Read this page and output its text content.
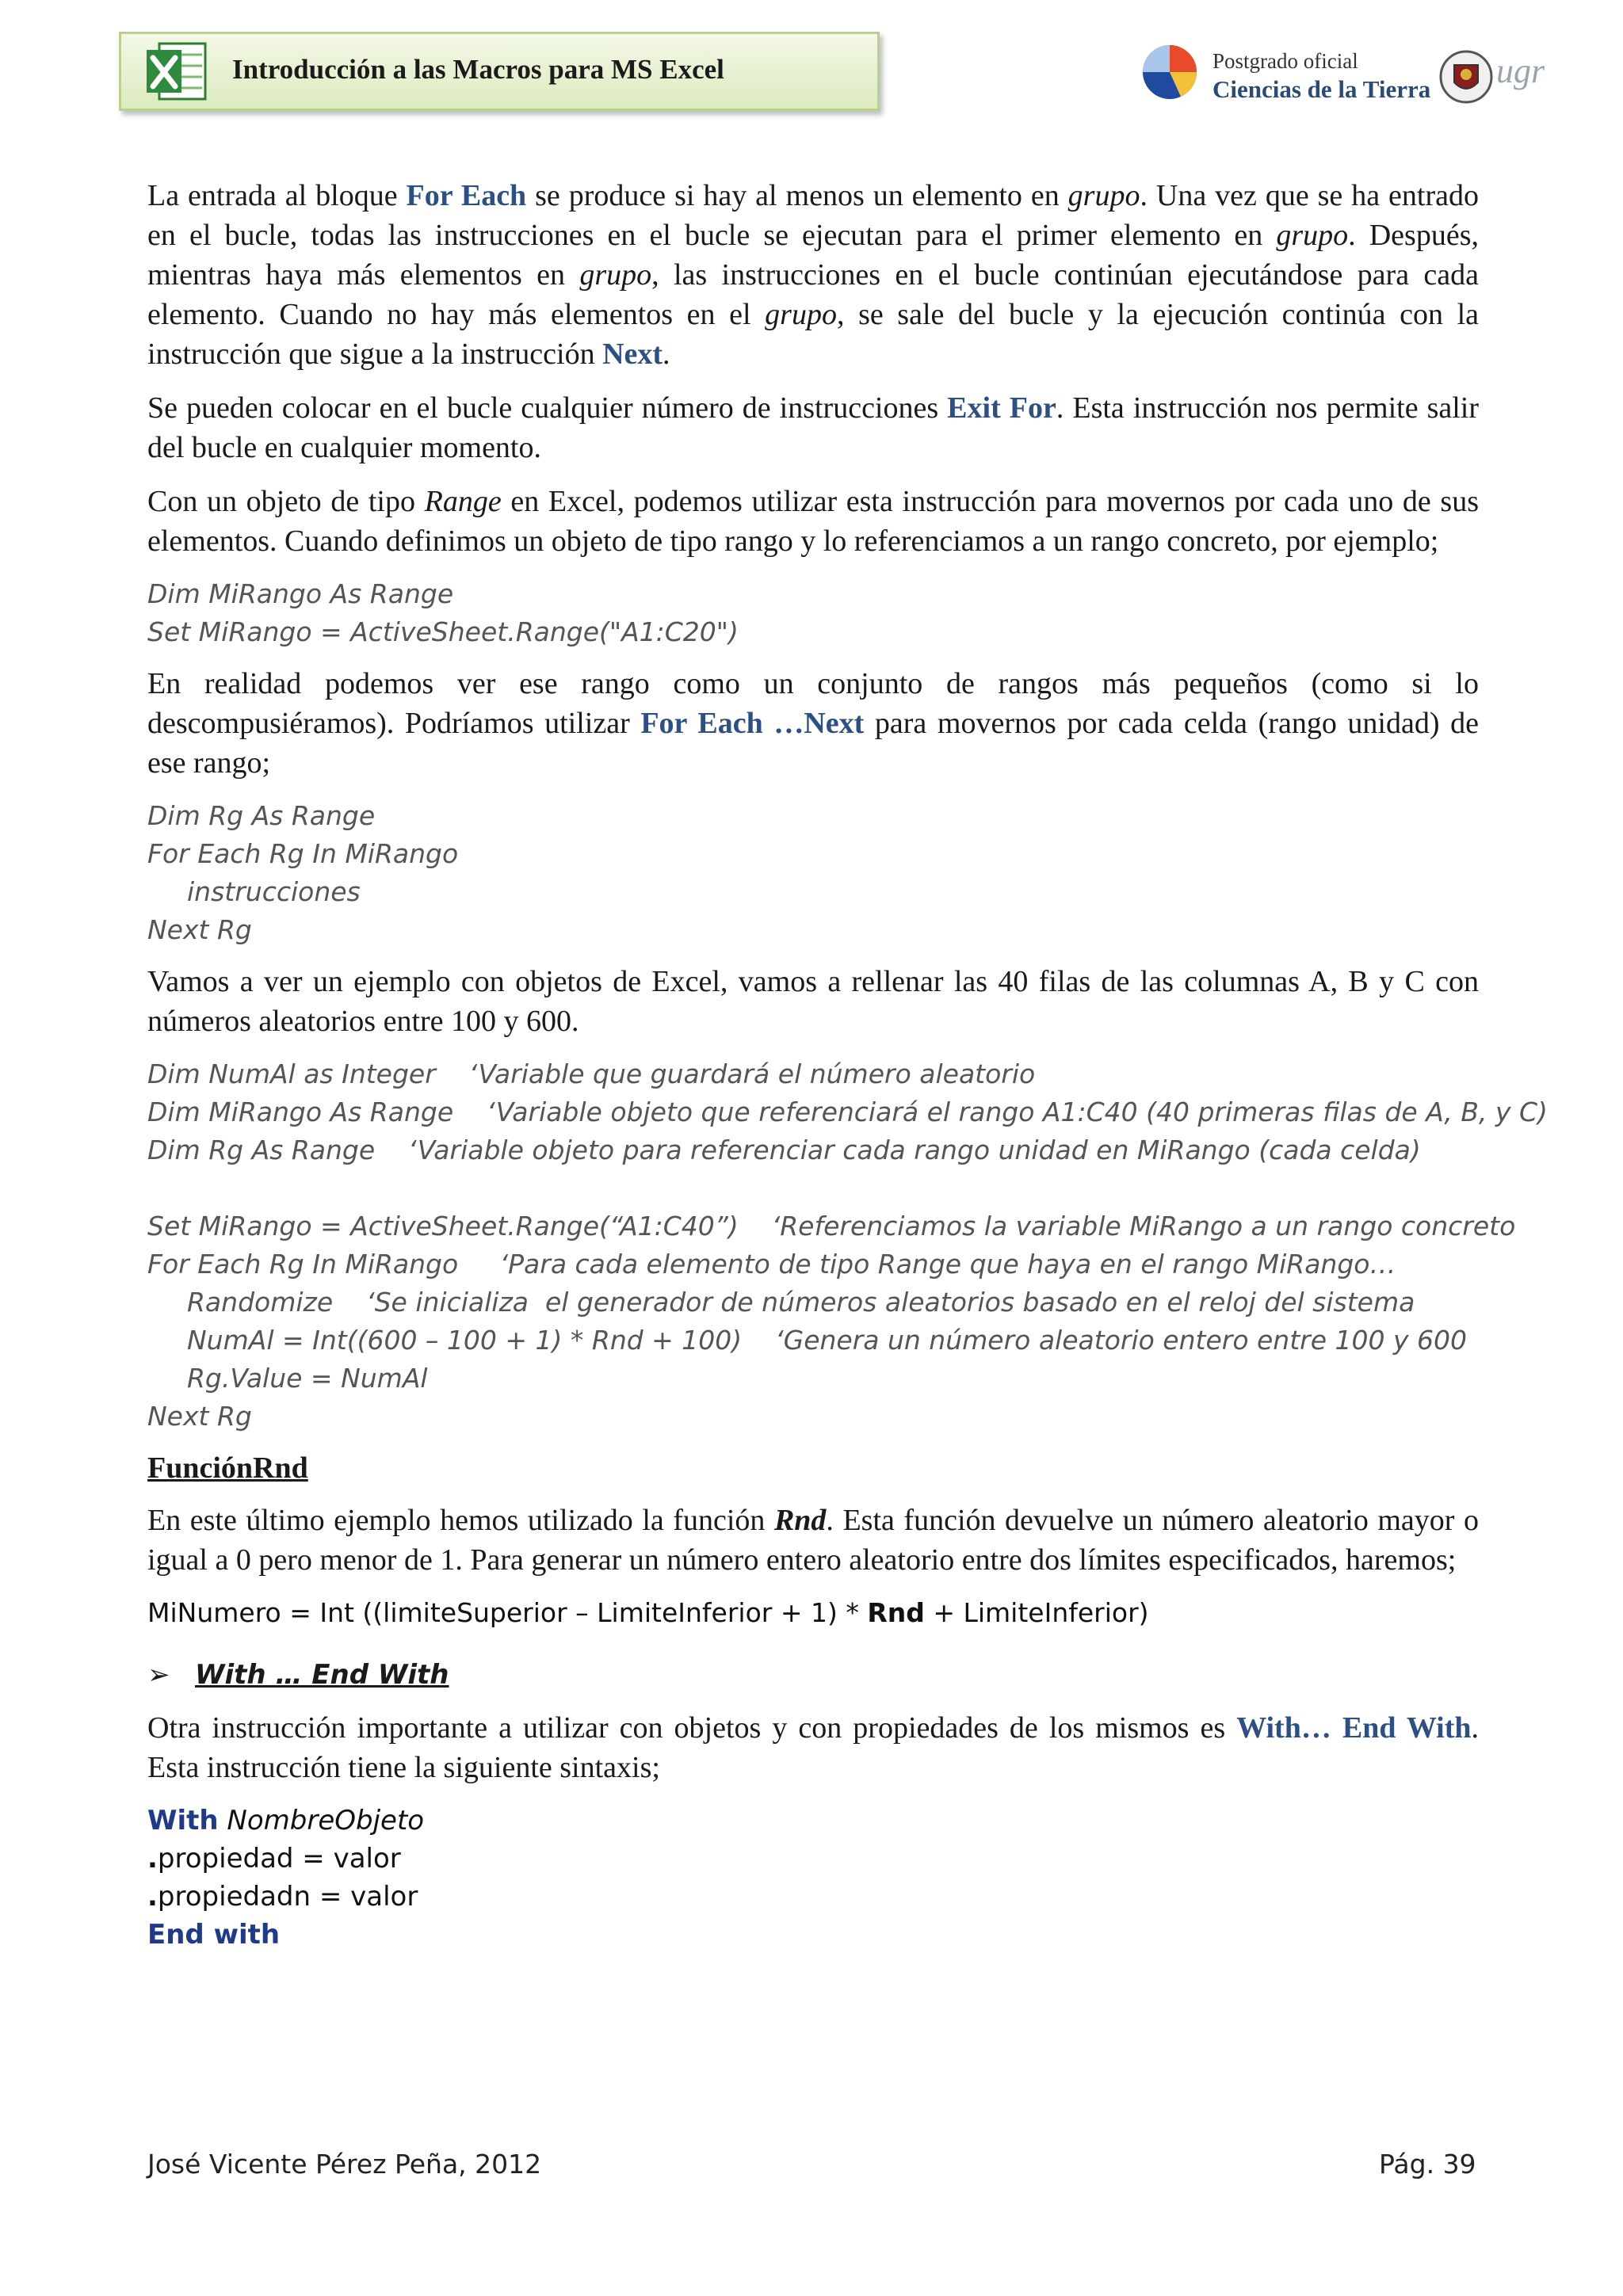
Introducción a las Macros para MS Excel	Postgrado oficial
Ciencias de la Tierra ugr

La entrada al bloque For Each se produce si hay al menos un elemento en grupo. Una vez que se ha entrado en el bucle, todas las instrucciones en el bucle se ejecutan para el primer elemento en grupo. Después, mientras haya más elementos en grupo, las instrucciones en el bucle continúan ejecutándose para cada elemento. Cuando no hay más elementos en el grupo, se sale del bucle y la ejecución continúa con la instrucción que sigue a la instrucción Next.

Se pueden colocar en el bucle cualquier número de instrucciones Exit For. Esta instrucción nos permite salir del bucle en cualquier momento.

Con un objeto de tipo Range en Excel, podemos utilizar esta instrucción para movernos por cada uno de sus elementos. Cuando definimos un objeto de tipo rango y lo referenciamos a un rango concreto, por ejemplo;

Dim MiRango As Range
Set MiRango = ActiveSheet.Range("A1:C20")

En realidad podemos ver ese rango como un conjunto de rangos más pequeños (como si lo descompusiéramos). Podríamos utilizar For Each …Next para movernos por cada celda (rango unidad) de ese rango;

Dim Rg As Range
For Each Rg In MiRango
instrucciones
Next Rg

Vamos a ver un ejemplo con objetos de Excel, vamos a rellenar las 40 filas de las columnas A, B y C con números aleatorios entre 100 y 600.

Dim NumAl as Integer    ‘Variable que guardará el número aleatorio
Dim MiRango As Range    ‘Variable objeto que referenciará el rango A1:C40 (40 primeras filas de A, B, y C)
Dim Rg As Range    ‘Variable objeto para referenciar cada rango unidad en MiRango (cada celda)
Set MiRango = ActiveSheet.Range(“A1:C40”)    ‘Referenciamos la variable MiRango a un rango concreto
For Each Rg In MiRango     ‘Para cada elemento de tipo Range que haya en el rango MiRango…
Randomize    ‘Se inicializa  el generador de números aleatorios basado en el reloj del sistema
NumAl = Int((600 – 100 + 1) * Rnd + 100)    ‘Genera un número aleatorio entero entre 100 y 600
Rg.Value = NumAl
Next Rg
FunciónRnd

En este último ejemplo hemos utilizado la función Rnd. Esta función devuelve un número aleatorio mayor o igual a 0 pero menor de 1. Para generar un número entero aleatorio entre dos límites especificados, haremos;

MiNumero = Int ((limiteSuperior – LimiteInferior + 1) * Rnd + LimiteInferior)
➢ With … End With

Otra instrucción importante a utilizar con objetos y con propiedades de los mismos es With… End With. Esta instrucción tiene la siguiente sintaxis;

With NombreObjeto
.propiedad = valor
.propiedadn = valor
End with
José Vicente Pérez Peña, 2012	Pág. 39
